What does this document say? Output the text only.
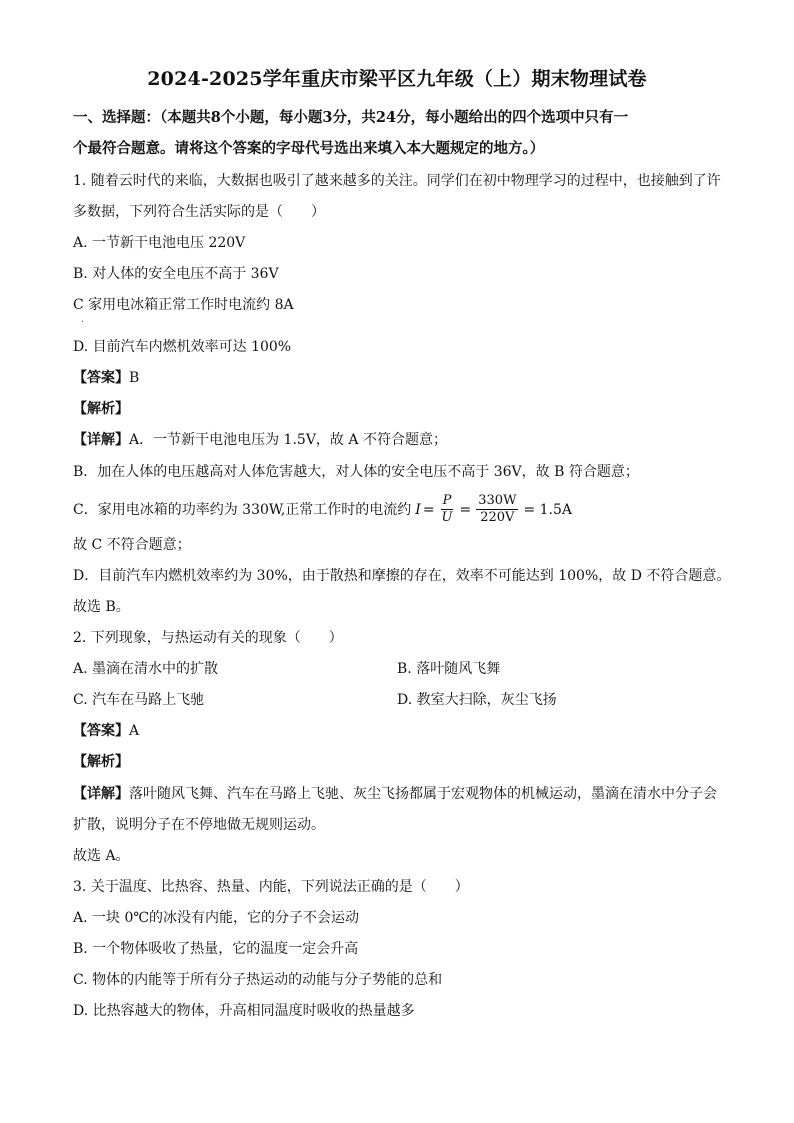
2024-2025学年重庆市梁平区九年级（上）期末物理试卷
一、选择题：（本题共8个小题，每小题3分，共24分，每小题给出的四个选项中只有一
个最符合题意。请将这个答案的字母代号选出来填入本大题规定的地方。）
1. 随着云时代的来临，大数据也吸引了越来越多的关注。同学们在初中物理学习的过程中，也接触到了许
多数据，下列符合生活实际的是（　　）
A. 一节新干电池电压 220V
B. 对人体的安全电压不高于 36V
C 家用电冰箱正常工作时电流约 8A
·
D. 目前汽车内燃机效率可达 100%
【答案】B
【解析】
【详解】A．一节新干电池电压为 1.5V，故 A 不符合题意；
B．加在人体的电压越高对人体危害越大，对人体的安全电压不高于 36V，故 B 符合题意；
C．家用电冰箱的功率约为 330W,正常工作时的电流约 $I = \frac{P}{U} = \frac{330W}{220V} = 1.5A$
故 C 不符合题意；
D．目前汽车内燃机效率约为 30%，由于散热和摩擦的存在，效率不可能达到 100%，故 D 不符合题意。
故选 B。
2. 下列现象，与热运动有关的现象（　　）
A. 墨滴在清水中的扩散	B. 落叶随风飞舞
C. 汽车在马路上飞驰	D. 教室大扫除，灰尘飞扬
【答案】A
【解析】
【详解】落叶随风飞舞、汽车在马路上飞驰、灰尘飞扬都属于宏观物体的机械运动，墨滴在清水中分子会
扩散，说明分子在不停地做无规则运动。
故选 A。
3. 关于温度、比热容、热量、内能，下列说法正确的是（　　）
A. 一块 0℃的冰没有内能，它的分子不会运动
B. 一个物体吸收了热量，它的温度一定会升高
C. 物体的内能等于所有分子热运动的动能与分子势能的总和
D. 比热容越大的物体，升高相同温度时吸收的热量越多
